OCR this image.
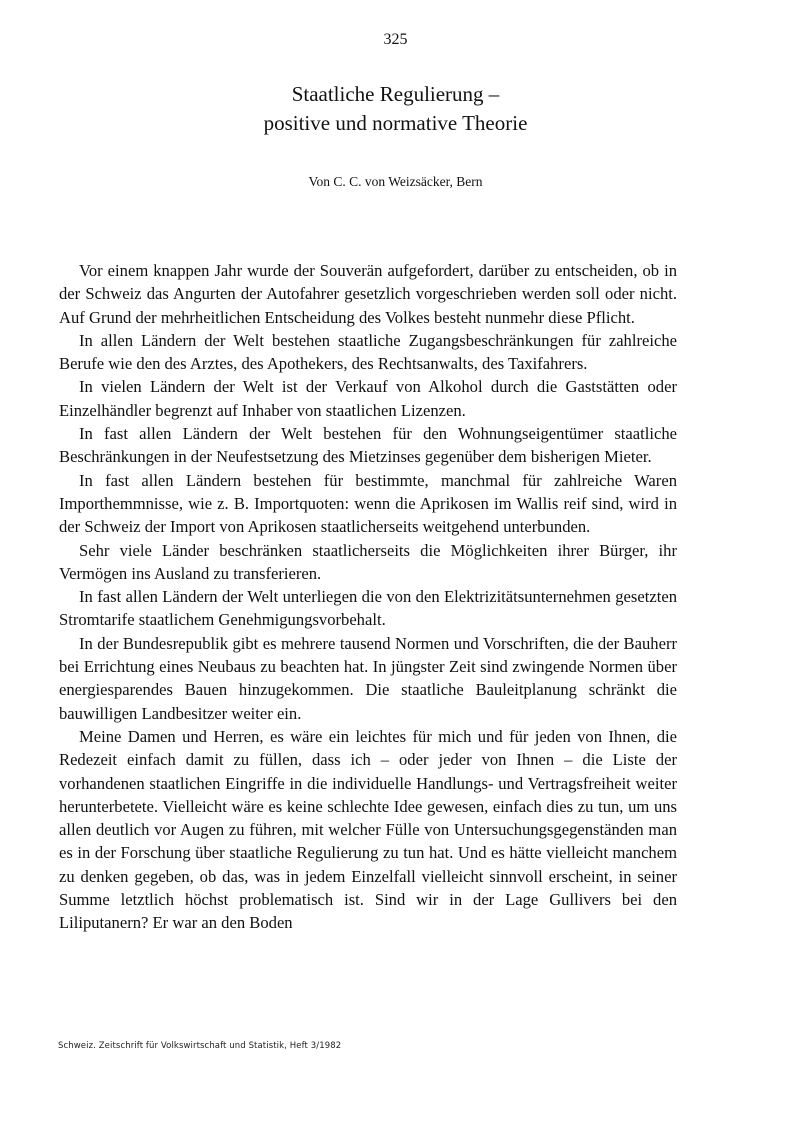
325
Staatliche Regulierung –
positive und normative Theorie
Von C. C. von Weizsäcker, Bern

Vor einem knappen Jahr wurde der Souverän aufgefordert, darüber zu entscheiden, ob in der Schweiz das Angurten der Autofahrer gesetzlich vorgeschrieben werden soll oder nicht. Auf Grund der mehrheitlichen Entscheidung des Volkes besteht nunmehr diese Pflicht.

In allen Ländern der Welt bestehen staatliche Zugangsbeschränkungen für zahlreiche Berufe wie den des Arztes, des Apothekers, des Rechtsanwalts, des Taxifahrers.

In vielen Ländern der Welt ist der Verkauf von Alkohol durch die Gaststätten oder Einzelhändler begrenzt auf Inhaber von staatlichen Lizenzen.

In fast allen Ländern der Welt bestehen für den Wohnungseigentümer staatliche Beschränkungen in der Neufestsetzung des Mietzinses gegenüber dem bisherigen Mieter.

In fast allen Ländern bestehen für bestimmte, manchmal für zahlreiche Waren Importhemmnisse, wie z. B. Importquoten: wenn die Aprikosen im Wallis reif sind, wird in der Schweiz der Import von Aprikosen staatlicherseits weitgehend unterbunden.

Sehr viele Länder beschränken staatlicherseits die Möglichkeiten ihrer Bürger, ihr Vermögen ins Ausland zu transferieren.

In fast allen Ländern der Welt unterliegen die von den Elektrizitätsunternehmen gesetzten Stromtarife staatlichem Genehmigungsvorbehalt.

In der Bundesrepublik gibt es mehrere tausend Normen und Vorschriften, die der Bauherr bei Errichtung eines Neubaus zu beachten hat. In jüngster Zeit sind zwingende Normen über energiesparendes Bauen hinzugekommen. Die staatliche Bauleitplanung schränkt die bauwilligen Landbesitzer weiter ein.

Meine Damen und Herren, es wäre ein leichtes für mich und für jeden von Ihnen, die Redezeit einfach damit zu füllen, dass ich – oder jeder von Ihnen – die Liste der vorhandenen staatlichen Eingriffe in die individuelle Handlungs- und Vertragsfreiheit weiter herunterbetete. Vielleicht wäre es keine schlechte Idee gewesen, einfach dies zu tun, um uns allen deutlich vor Augen zu führen, mit welcher Fülle von Untersuchungsgegenständen man es in der Forschung über staatliche Regulierung zu tun hat. Und es hätte vielleicht manchem zu denken gegeben, ob das, was in jedem Einzelfall vielleicht sinnvoll erscheint, in seiner Summe letztlich höchst problematisch ist. Sind wir in der Lage Gullivers bei den Liliputanern? Er war an den Boden

Schweiz. Zeitschrift für Volkswirtschaft und Statistik, Heft 3/1982
